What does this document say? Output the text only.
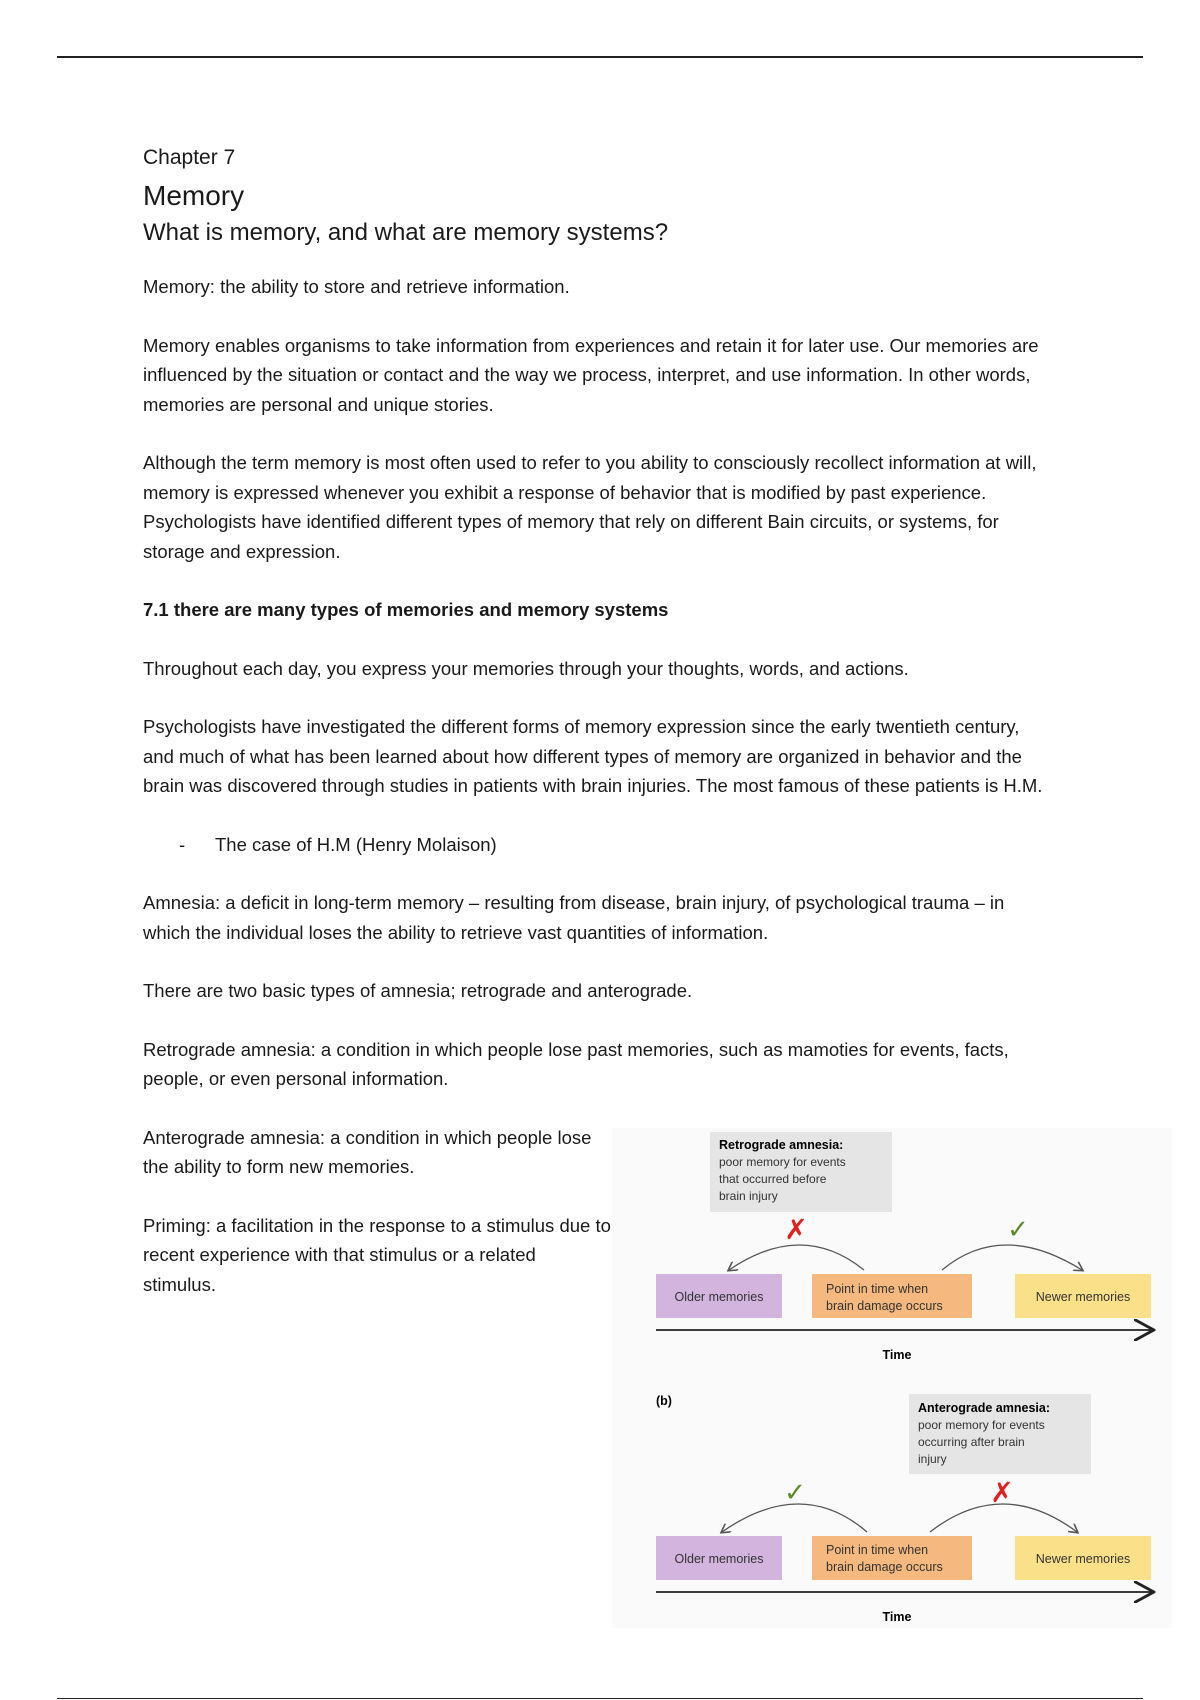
Chapter 7
Memory
What is memory, and what are memory systems?

Memory: the ability to store and retrieve information.

Memory enables organisms to take information from experiences and retain it for later use. Our memories are influenced by the situation or contact and the way we process, interpret, and use information. In other words, memories are personal and unique stories.

Although the term memory is most often used to refer to you ability to consciously recollect information at will, memory is expressed whenever you exhibit a response of behavior that is modified by past experience. Psychologists have identified different types of memory that rely on different Bain circuits, or systems, for storage and expression.

7.1 there are many types of memories and memory systems

Throughout each day, you express your memories through your thoughts, words, and actions.

Psychologists have investigated the different forms of memory expression since the early twentieth century, and much of what has been learned about how different types of memory are organized in behavior and the brain was discovered through studies in patients with brain injuries. The most famous of these patients is H.M.

- The case of H.M (Henry Molaison)

Amnesia: a deficit in long-term memory – resulting from disease, brain injury, of psychological trauma – in which the individual loses the ability to retrieve vast quantities of information.

There are two basic types of amnesia; retrograde and anterograde.

Retrograde amnesia: a condition in which people lose past memories, such as mamoties for events, facts, people, or even personal information.

Anterograde amnesia: a condition in which people lose the ability to form new memories.

Priming: a facilitation in the response to a stimulus due to recent experience with that stimulus or a related stimulus.

Retrograde amnesia:
poor memory for events
that occurred before
brain injury
✗	✓
Older memories
Point in time when
brain damage occurs
Newer memories
Time
(b)	Anterograde amnesia:
poor memory for events
occurring after brain
injury
✓	✗
Older memories
Point in time when
brain damage occurs
Newer memories
Time
